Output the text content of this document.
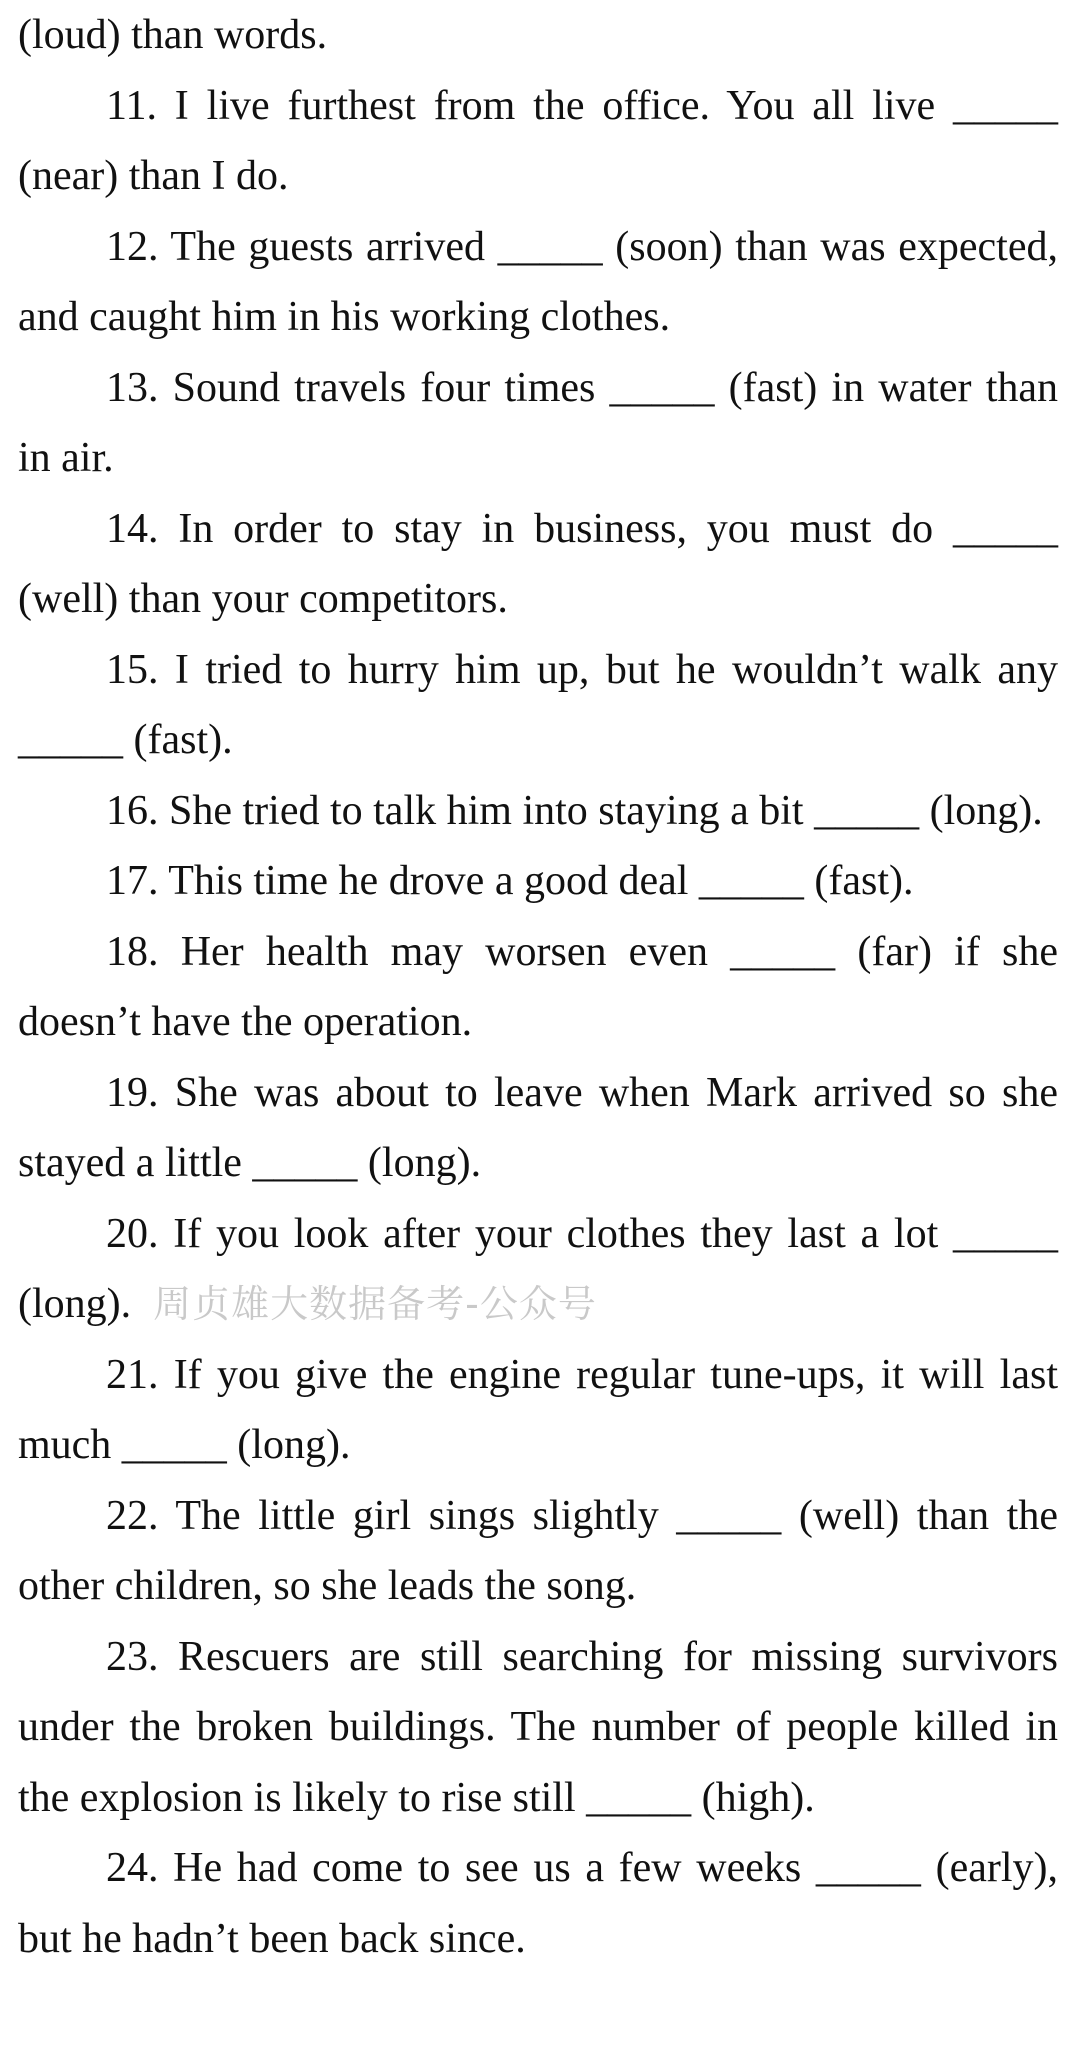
(loud) than words.

11. I live furthest from the office. You all live _____ (near) than I do.

12. The guests arrived _____ (soon) than was expected, and caught him in his working clothes.

13. Sound travels four times _____ (fast) in water than in air.

14. In order to stay in business, you must do _____ (well) than your competitors.

15. I tried to hurry him up, but he wouldn’t walk any _____ (fast).

16. She tried to talk him into staying a bit _____ (long).

17. This time he drove a good deal _____ (fast).

18. Her health may worsen even _____ (far) if she doesn’t have the operation.

19. She was about to leave when Mark arrived so she stayed a little _____ (long).

20. If you look after your clothes they last a lot _____ (long). 周贞雄大数据备考-公众号

21. If you give the engine regular tune-ups, it will last much _____ (long).

22. The little girl sings slightly _____ (well) than the other children, so she leads the song.

23. Rescuers are still searching for missing survivors under the broken buildings. The number of people killed in the explosion is likely to rise still _____ (high).

24. He had come to see us a few weeks _____ (early), but he hadn’t been back since.
